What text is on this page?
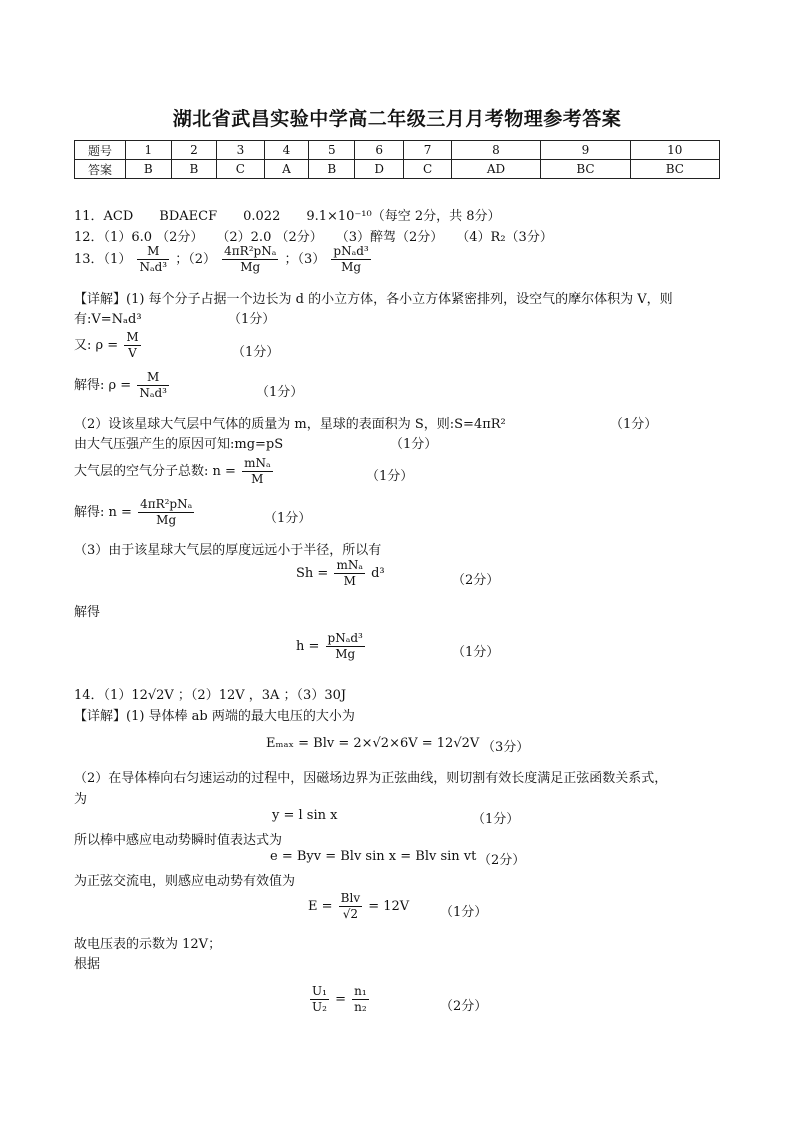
湖北省武昌实验中学高二年级三月月考物理参考答案
题号	1	2	3	4	5	6	7	8	9	10
答案	B	B	C	A	B	D	C	AD	BC	BC
11．ACD　　BDAECF　　0.022　　9.1×10⁻¹⁰（每空 2分，共 8分）
12．（1）6.0 （2分）　　（2）2.0 （2分）　　（3）醉驾（2分）　　（4）R₂（3分）
13．$(1) \frac{M}{\text{Nₐd³}}$ ；$(2) \frac{\text{4πR²pNₐ}}{Mg}$ ；$(3) \frac{\text{pNₐd³}}{Mg}$
【详解】(1) 每个分子占据一个边长为 d 的小立方体，各小立方体紧密排列，设空气的摩尔体积为 V，则
有:V=Nₐd³	（1分）
又: $\rho = \frac{M}{V}$	（1分）
解得: $\rho = \frac{M}{\text{Nₐd³}}$	（1分）
（2）设该星球大气层中气体的质量为 m，星球的表面积为 S，则:S=4πR²	（1分）
由大气压强产生的原因可知:mg=pS	（1分）
大气层的空气分子总数: $n = \frac{\text{mNₐ}}{M}$	（1分）
解得: $n = \frac{\text{4πR²pNₐ}}{Mg}$	（1分）
（3）由于该星球大气层的厚度远远小于半径，所以有
$Sh = \frac{\text{mNₐ}}{M} d^3$	（2分）
解得
$h = \frac{\text{pNₐd³}}{Mg}$	（1分）
14．（1）12√2V ；（2）12V ，3A ；（3）30J
【详解】(1) 导体棒 ab 两端的最大电压的大小为
Eₘₐₓ = Blv = 2×√2×6V = 12√2V （3分）
（2）在导体棒向右匀速运动的过程中，因磁场边界为正弦曲线，则切割有效长度满足正弦函数关系式，
为
y = l sin x	（1分）
所以棒中感应电动势瞬时值表达式为
e = Byv = Blv sin x = Blv sin vt （2分）
为正弦交流电，则感应电动势有效值为
$E = \frac{\text{Blv}}{√2} = 12V$ （1分）
故电压表的示数为 12V；
根据
$\frac{\text{U₁}}{\text{U₂}} = \frac{\text{n₁}}{\text{n₂}}$	（2分）
